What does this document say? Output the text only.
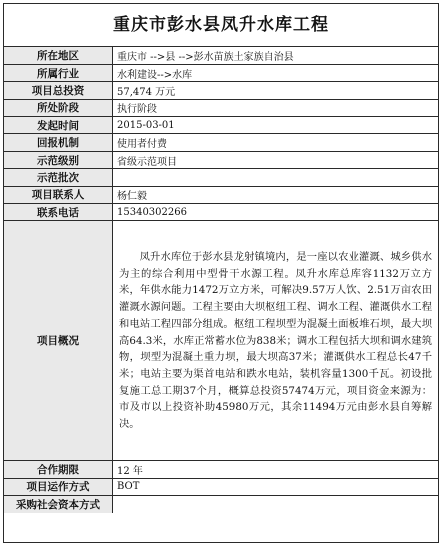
重庆市彭水县凤升水库工程
所在地区	重庆市 -->县 -->彭水苗族土家族自治县
所属行业	水利建设-->水库
项目总投资	57,474 万元
所处阶段	执行阶段
发起时间	2015-03-01
回报机制	使用者付费
示范级别	省级示范项目
示范批次	
项目联系人	杨仁毅
联系电话	15340302266
项目概况	凤升水库位于彭水县龙射镇境内，是一座以农业灌溉、城乡供水为主的综合利用中型骨干水源工程。凤升水库总库容1132万立方米，年供水能力1472万立方米，可解决9.57万人饮、2.51万亩农田灌溉水源问题。工程主要由大坝枢纽工程、调水工程、灌溉供水工程和电站工程四部分组成。枢纽工程坝型为混凝土面板堆石坝，最大坝高64.3米，水库正常蓄水位为838米；调水工程包括大坝和调水建筑物，坝型为混凝土重力坝，最大坝高37米；灌溉供水工程总长47千米；电站主要为渠首电站和跌水电站，装机容量1300千瓦。初设批复施工总工期37个月，概算总投资57474万元，项目资金来源为：市及市以上投资补助45980万元，其余11494万元由彭水县自筹解决。

合作期限	12 年
项目运作方式	BOT
采购社会资本方式	
